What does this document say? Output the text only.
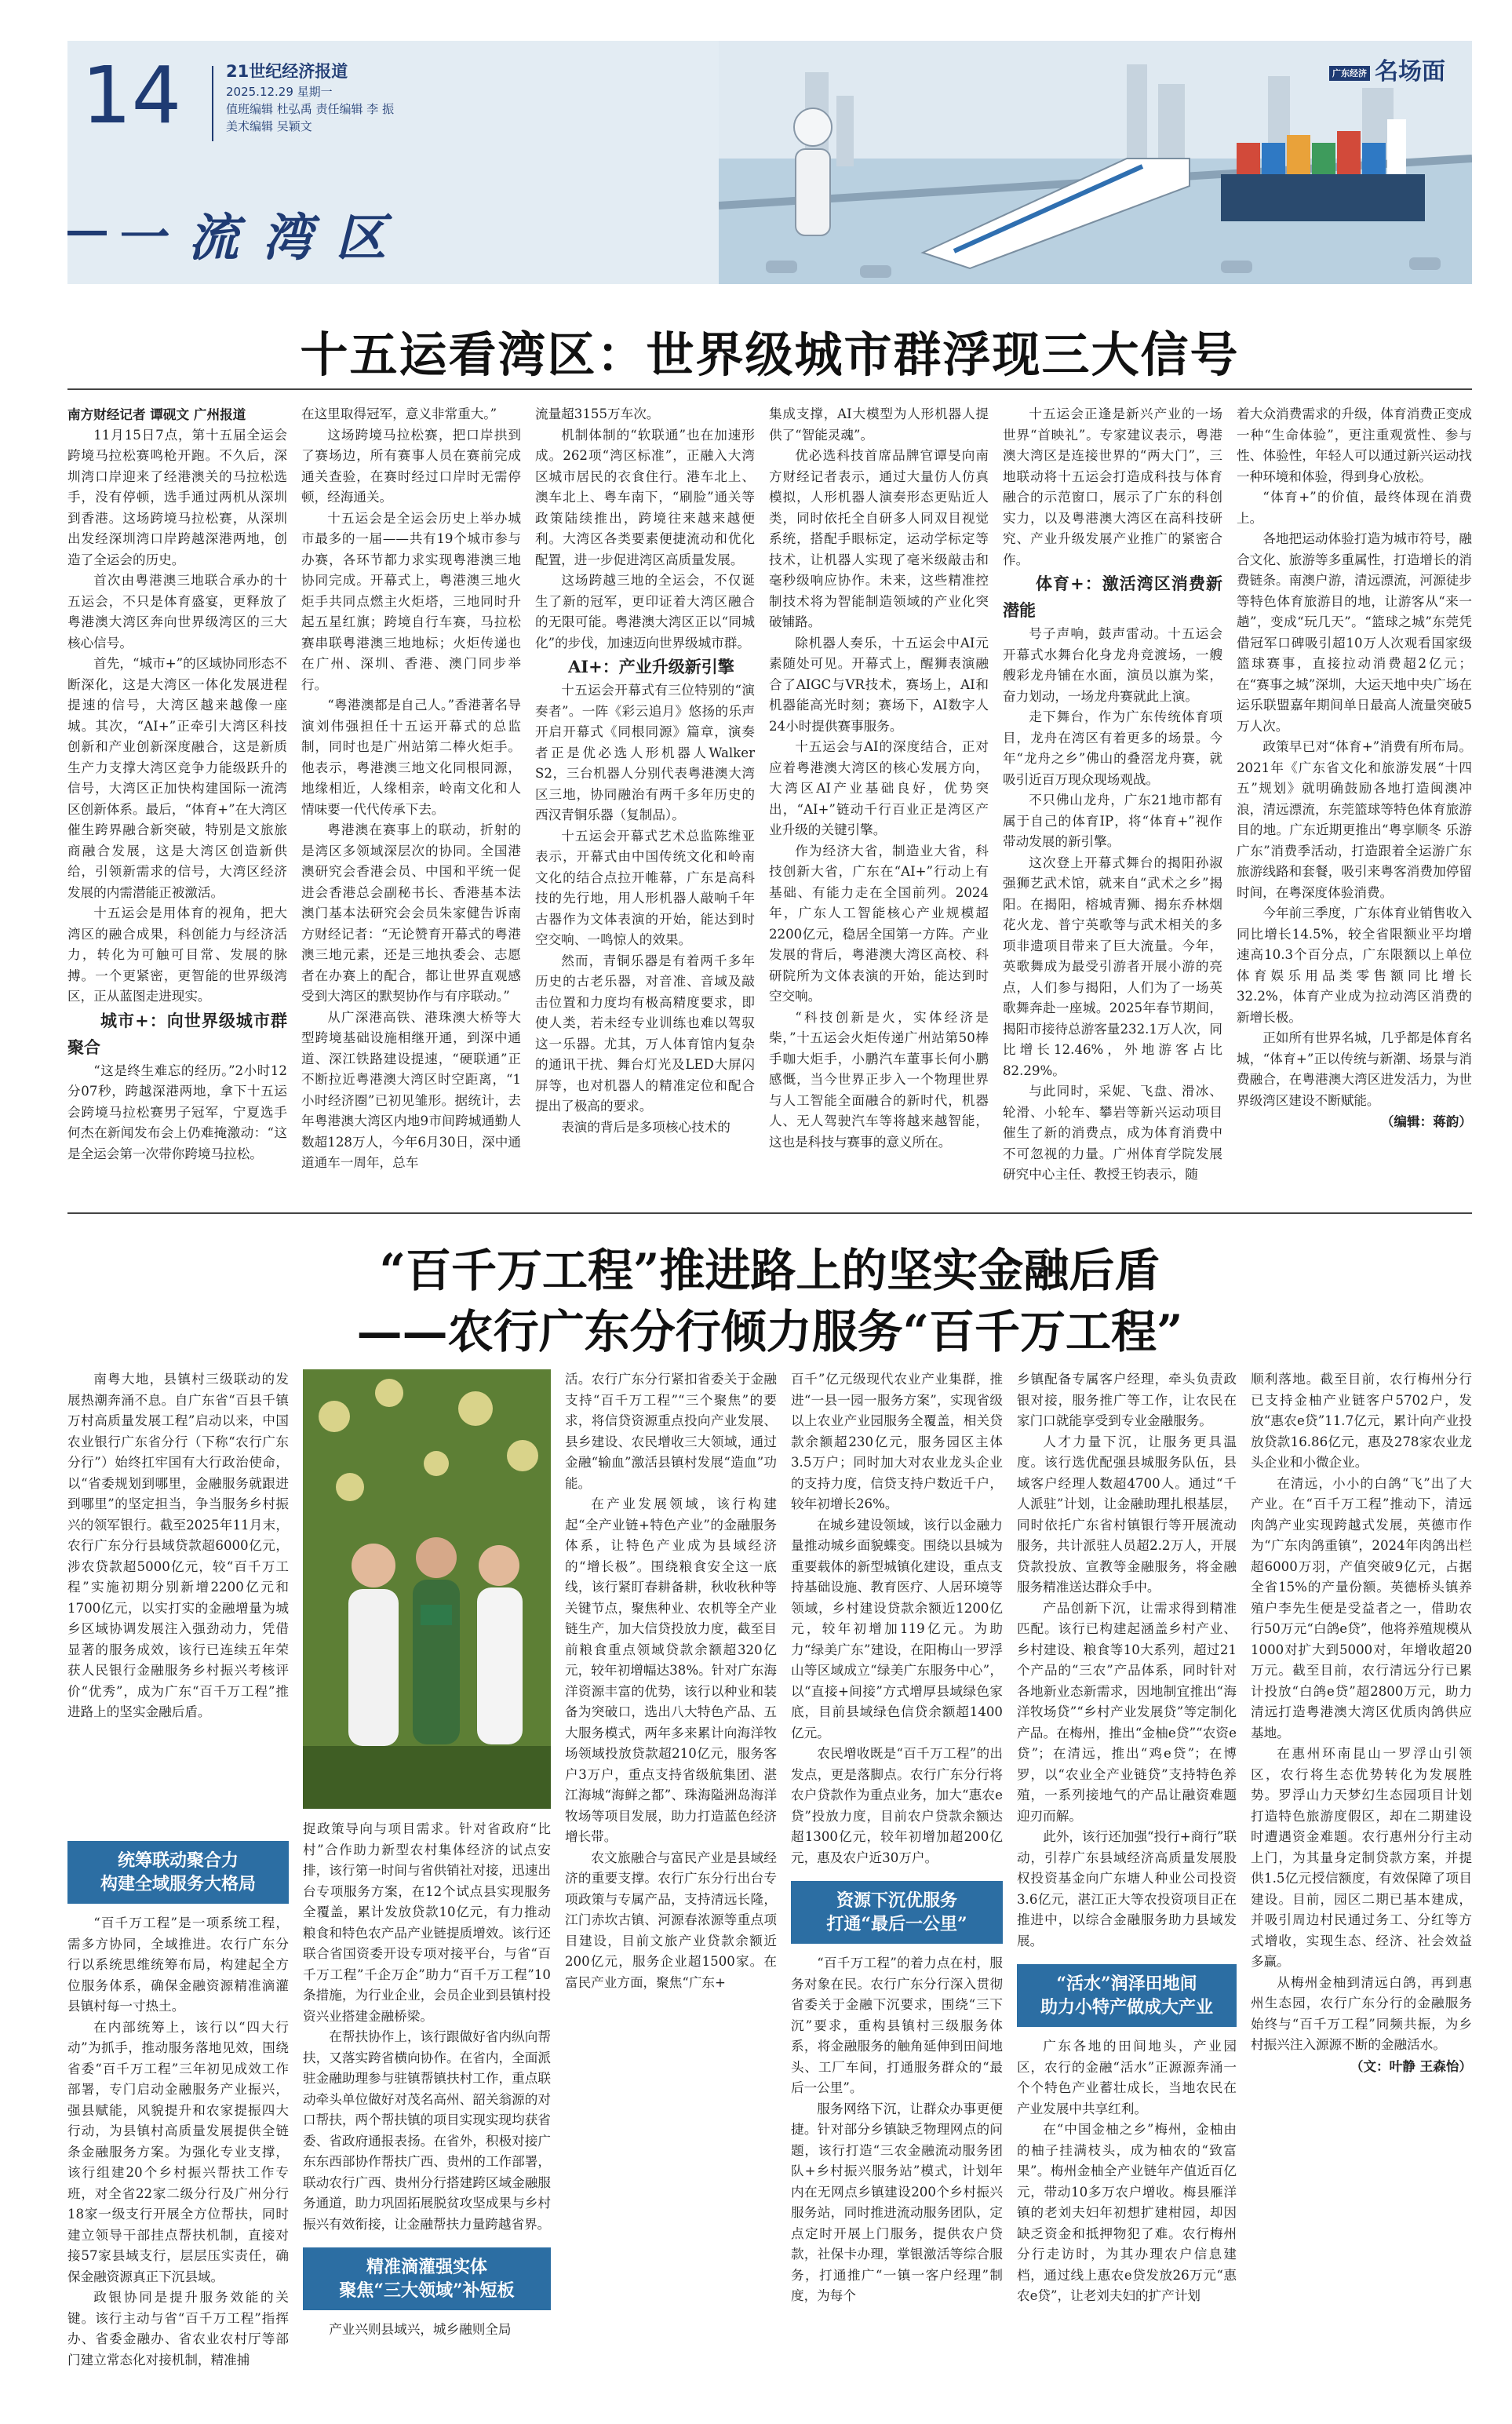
14	21世纪经济报道
2025.12.29 星期一
值班编辑 杜弘禹 责任编辑 李 振
美术编辑 吴颖文
一流湾区
广东经济 名场面
十五运看湾区：世界级城市群浮现三大信号

南方财经记者 谭砚文 广州报道

11月15日7点，第十五届全运会跨境马拉松赛鸣枪开跑。不久后，深圳湾口岸迎来了经港澳关的马拉松选手，没有停顿，选手通过两机从深圳到香港。这场跨境马拉松赛，从深圳出发经深圳湾口岸跨越深港两地，创造了全运会的历史。

首次由粤港澳三地联合承办的十五运会，不只是体育盛宴，更释放了粤港澳大湾区奔向世界级湾区的三大核心信号。

首先，“城市+”的区域协同形态不断深化，这是大湾区一体化发展进程提速的信号，大湾区越来越像一座城。其次，“AI+”正牵引大湾区科技创新和产业创新深度融合，这是新质生产力支撑大湾区竞争力能级跃升的信号，大湾区正加快构建国际一流湾区创新体系。最后，“体育+”在大湾区催生跨界融合新突破，特别是文旅旅商融合发展，这是大湾区创造新供给，引领新需求的信号，大湾区经济发展的内需潜能正被激活。

十五运会是用体育的视角，把大湾区的融合成果，科创能力与经济活力，转化为可触可目常、发展的脉搏。一个更紧密，更智能的世界级湾区，正从蓝图走进现实。

城市+：向世界级城市群聚合

“这是终生难忘的经历。”2小时12分07秒，跨越深港两地，拿下十五运会跨境马拉松赛男子冠军，宁夏选手何杰在新闻发布会上仍难掩激动：“这是全运会第一次带你跨境马拉松。

在这里取得冠军，意义非常重大。”

这场跨境马拉松赛，把口岸拱到了赛场边，所有赛事人员在赛前完成通关查验，在赛时经过口岸时无需停顿，经海通关。

十五运会是全运会历史上举办城市最多的一届——共有19个城市参与办赛，各环节都力求实现粤港澳三地协同完成。开幕式上，粤港澳三地火炬手共同点燃主火炬塔，三地同时升起五星红旗；跨境自行车赛，马拉松赛串联粤港澳三地地标；火炬传递也在广州、深圳、香港、澳门同步举行。

“粤港澳都是自己人。”香港著名导演刘伟强担任十五运开幕式的总监制，同时也是广州站第二棒火炬手。他表示，粤港澳三地文化同根同源，地缘相近，人缘相亲，岭南文化和人情味要一代代传承下去。

粤港澳在赛事上的联动，折射的是湾区多领域深层次的协同。全国港澳研究会香港会员、中国和平统一促进会香港总会副秘书长、香港基本法澳门基本法研究会会员朱家健告诉南方财经记者：“无论赞育开幕式的粤港澳三地元素，还是三地执委会、志愿者在办赛上的配合，都让世界直观感受到大湾区的默契协作与有序联动。”

从广深港高铁、港珠澳大桥等大型跨境基础设施相继开通，到深中通道、深江铁路建设提速，“硬联通”正不断拉近粤港澳大湾区时空距离，“1小时经济圈”已初见雏形。据统计，去年粤港澳大湾区内地9市间跨城通勤人数超128万人，今年6月30日，深中通道通车一周年，总车

流量超3155万车次。

机制体制的“软联通”也在加速形成。262项“湾区标准”，正融入大湾区城市居民的衣食住行。港车北上、澳车北上、粤车南下，“刷脸”通关等政策陆续推出，跨境往来越来越便利。大湾区各类要素便捷流动和优化配置，进一步促进湾区高质量发展。

这场跨越三地的全运会，不仅诞生了新的冠军，更印证着大湾区融合的无限可能。粤港澳大湾区正以“同城化”的步伐，加速迈向世界级城市群。

AI+：产业升级新引擎

十五运会开幕式有三位特别的“演奏者”。一阵《彩云追月》悠扬的乐声开启开幕式《同根同源》篇章，演奏者正是优必选人形机器人Walker S2，三台机器人分别代表粤港澳大湾区三地，协同融治有两千多年历史的西汉青铜乐器（复制品）。

十五运会开幕式艺术总监陈维亚表示，开幕式由中国传统文化和岭南文化的结合点拉开帷幕，广东是高科技的先行地，用人形机器人敲响千年古器作为文体表演的开始，能达到时空交响、一鸣惊人的效果。

然而，青铜乐器是有着两千多年历史的古老乐器，对音准、音域及敲击位置和力度均有极高精度要求，即使人类，若未经专业训练也难以驾驭这一乐器。尤其，万人体育馆内复杂的通讯干扰、舞台灯光及LED大屏闪屏等，也对机器人的精准定位和配合提出了极高的要求。

表演的背后是多项核心技术的

集成支撑，AI大模型为人形机器人提供了“智能灵魂”。

优必选科技首席品牌官谭旻向南方财经记者表示，通过大量仿人仿真模拟，人形机器人演奏形态更贴近人类，同时依托全自研多人同双目视觉系统，搭配手眼标定，运动学标定等技术，让机器人实现了毫米级敲击和毫秒级响应协作。未来，这些精准控制技术将为智能制造领域的产业化突破铺路。

除机器人奏乐，十五运会中AI元素随处可见。开幕式上，醒狮表演融合了AIGC与VR技术，赛场上，AI和机器能高光时刻；赛场下，AI数字人24小时提供赛事服务。

十五运会与AI的深度结合，正对应着粤港澳大湾区的核心发展方向，大湾区AI产业基础良好，优势突出，“AI+”链动千行百业正是湾区产业升级的关键引擎。

作为经济大省，制造业大省，科技创新大省，广东在“AI+”行动上有基础、有能力走在全国前列。2024年，广东人工智能核心产业规模超2200亿元，稳居全国第一方阵。产业发展的背后，粤港澳大湾区高校、科研院所为文体表演的开始，能达到时空交响。

“科技创新是火，实体经济是柴，”十五运会火炬传递广州站第50棒手咖大炬手，小鹏汽车董事长何小鹏感慨，当今世界正步入一个物理世界与人工智能全面融合的新时代，机器人、无人驾驶汽车等将越来越智能，这也是科技与赛事的意义所在。

十五运会正逢是新兴产业的一场世界“首映礼”。专家建议表示，粤港澳大湾区是连接世界的“两大门”，三地联动将十五运会打造成科技与体育融合的示范窗口，展示了广东的科创实力，以及粤港澳大湾区在高科技研究、产业升级发展产业推广的紧密合作。

体育+：激活湾区消费新潜能

号子声响，鼓声雷动。十五运会开幕式水舞台化身龙舟竞渡场，一艘艘彩龙舟铺在水面，演员以旗为桨，奋力划动，一场龙舟赛就此上演。

走下舞台，作为广东传统体育项目，龙舟在湾区有着更多的场景。今年“龙舟之乡”佛山的叠滘龙舟赛，就吸引近百万现众现场观战。

不只佛山龙舟，广东21地市都有属于自己的体育IP，将“体育+”视作带动发展的新引擎。

这次登上开幕式舞台的揭阳孙淑强狮艺武术馆，就来自“武术之乡”揭阳。在揭阳，榕城青狮、揭东乔林烟花火龙、普宁英歌等与武术相关的多项非遗项目带来了巨大流量。今年，英歌舞成为最受引游者开展小游的亮点，人们参与揭阳，人们为了一场英歌舞奔赴一座城。2025年春节期间，揭阳市接待总游客量232.1万人次，同比增长12.46%，外地游客占比82.29%。

与此同时，采妮、飞盘、滑冰、轮滑、小轮车、攀岩等新兴运动项目催生了新的消费点，成为体育消费中不可忽视的力量。广州体育学院发展研究中心主任、教授王钧表示，随

着大众消费需求的升级，体育消费正变成一种“生命体验”，更注重观赏性、参与性、体验性，年轻人可以通过新兴运动找一种环境和体验，得到身心放松。

“体育+”的价值，最终体现在消费上。

各地把运动体验打造为城市符号，融合文化、旅游等多重属性，打造增长的消费链条。南澳户游，清远漂流，河源徒步等特色体育旅游目的地，让游客从“来一趟”，变成“玩几天”。“篮球之城”东莞凭借冠军口碑吸引超10万人次观看国家级篮球赛事，直接拉动消费超2亿元；在“赛事之城”深圳，大运天地中央广场在运乐联盟嘉年期间单日最高人流量突破5万人次。

政策早已对“体育+”消费有所布局。2021年《广东省文化和旅游发展“十四五”规划》就明确鼓励各地打造闽澳冲浪，清远漂流，东莞篮球等特色体育旅游目的地。广东近期更推出“粤享顺冬 乐游广东”消费季活动，打造跟着全运游广东旅游线路和套餐，吸引来粤客消费加停留时间，在粤深度体验消费。

今年前三季度，广东体育业销售收入同比增长14.5%，较全省限额业平均增速高10.3个百分点，广东限额以上单位体育娱乐用品类零售额同比增长32.2%，体育产业成为拉动湾区消费的新增长极。

正如所有世界名城，几乎都是体育名城，“体育+”正以传统与新潮、场景与消费融合，在粤港澳大湾区进发活力，为世界级湾区建设不断赋能。

（编辑：蒋韵）

“百千万工程”推进路上的坚实金融后盾
——农行广东分行倾力服务“百千万工程”

南粤大地，县镇村三级联动的发展热潮奔涌不息。自广东省“百县千镇万村高质量发展工程”启动以来，中国农业银行广东省分行（下称“农行广东分行”）始终扛牢国有大行政治使命，以“省委规划到哪里，金融服务就跟进到哪里”的坚定担当，争当服务乡村振兴的领军银行。截至2025年11月末，农行广东分行县域贷款超6000亿元，涉农贷款超5000亿元，较“百千万工程”实施初期分别新增2200亿元和1700亿元，以实打实的金融增量为城乡区域协调发展注入强劲动力，凭借显著的服务成效，该行已连续五年荣获人民银行金融服务乡村振兴考核评价“优秀”，成为广东“百千万工程”推进路上的坚实金融后盾。

统筹联动聚合力
构建全域服务大格局

“百千万工程”是一项系统工程，需多方协同，全域推进。农行广东分行以系统思维统筹布局，构建起全方位服务体系，确保金融资源精准滴灌县镇村每一寸热土。

在内部统筹上，该行以“四大行动”为抓手，推动服务落地见效，围绕省委“百千万工程”三年初见成效工作部署，专门启动金融服务产业振兴，强县赋能，风貌提升和农家提振四大行动，为县镇村高质量发展提供全链条金融服务方案。为强化专业支撑，该行组建20个乡村振兴帮扶工作专班，对全省22家二级分行及广州分行18家一级支行开展全方位帮扶，同时建立领导干部挂点帮扶机制，直接对接57家县域支行，层层压实责任，确保金融资源真正下沉县域。

政银协同是提升服务效能的关键。该行主动与省“百千万工程”指挥办、省委金融办、省农业农村厅等部门建立常态化对接机制，精准捕

捉政策导向与项目需求。针对省政府“比村”合作助力新型农村集体经济的试点安排，该行第一时间与省供销社对接，迅速出台专项服务方案，在12个试点县实现服务全覆盖，累计发放贷款10亿元，有力推动粮食和特色农产品产业链提质增效。该行还联合省国资委开设专项对接平台，与省“百千万工程”千企万企”助力“百千万工程”10条措施，为行业企业，会员企业到县镇村投资兴业搭建金融桥梁。

在帮扶协作上，该行跟做好省内纵向帮扶，又落实跨省横向协作。在省内，全面派驻金融助理参与驻镇帮镇扶村工作，重点联动牵头单位做好对茂名高州、韶关翁源的对口帮扶，两个帮扶镇的项目实现实现均获省委、省政府通报表扬。在省外，积极对接广东东西部协作帮扶广西、贵州的工作部署，联动农行广西、贵州分行搭建跨区域金融服务通道，助力巩固拓展脱贫攻坚成果与乡村振兴有效衔接，让金融帮扶力量跨越省界。

精准滴灌强实体
聚焦“三大领域”补短板

产业兴则县域兴，城乡融则全局

活。农行广东分行紧扣省委关于金融支持“百千万工程”“三个聚焦”的要求，将信贷资源重点投向产业发展、县乡建设、农民增收三大领域，通过金融“输血”激活县镇村发展“造血”功能。

在产业发展领域，该行构建起“全产业链+特色产业”的金融服务体系，让特色产业成为县域经济的“增长极”。围绕粮食安全这一底线，该行紧盯春耕备耕，秋收秋种等关键节点，聚焦种业、农机等全产业链生产，加大信贷投放力度，截至目前粮食重点领域贷款余额超320亿元，较年初增幅达38%。针对广东海洋资源丰富的优势，该行以种业和装备为突破口，选出八大特色产品、五大服务模式，两年多来累计向海洋牧场领域投放贷款超210亿元，服务客户3万户，重点支持省级航集团、湛江海城“海鲜之都”、珠海隘洲岛海洋牧场等项目发展，助力打造蓝色经济增长带。

农文旅融合与富民产业是县域经济的重要支撑。农行广东分行出台专项政策与专属产品，支持清远长隆，江门赤坎古镇、河源春浓源等重点项目建设，目前文旅产业贷款余额近200亿元，服务企业超1500家。在富民产业方面，聚焦“广东+

百千”亿元级现代农业产业集群，推进“一县一园一服务方案”，实现省级以上农业产业园服务全覆盖，相关贷款余额超230亿元，服务园区主体3.5万户；同时加大对农业龙头企业的支持力度，信贷支持户数近千户，较年初增长26%。

在城乡建设领域，该行以金融力量推动城乡面貌蝶变。围绕以县城为重要载体的新型城镇化建设，重点支持基础设施、教育医疗、人居环境等领域，乡村建设贷款余额近1200亿元，较年初增加119亿元。为助力“绿美广东”建设，在阳梅山一罗浮山等区域成立“绿美广东服务中心”，以“直接+间接”方式增厚县域绿色家底，目前县域绿色信贷余额超1400亿元。

农民增收既是“百千万工程”的出发点，更是落脚点。农行广东分行将农户贷款作为重点业务，加大“惠农e贷”投放力度，目前农户贷款余额达超1300亿元，较年初增加超200亿元，惠及农户近30万户。

资源下沉优服务
打通“最后一公里”

“百千万工程”的着力点在村，服务对象在民。农行广东分行深入贯彻省委关于金融下沉要求，围绕“三下沉”要求，重构县镇村三级服务体系，将金融服务的触角延伸到田间地头、工厂车间，打通服务群众的“最后一公里”。

服务网络下沉，让群众办事更便捷。针对部分乡镇缺乏物理网点的问题，该行打造“三农金融流动服务团队+乡村振兴服务站”模式，计划年内在无网点乡镇建设200个乡村振兴服务站，同时推进流动服务团队，定点定时开展上门服务，提供农户贷款，社保卡办理，掌银激活等综合服务，打通推广“一镇一客户经理”制度，为每个

乡镇配备专属客户经理，牵头负责政银对接，服务推广等工作，让农民在家门口就能享受到专业金融服务。

人才力量下沉，让服务更具温度。该行选优配强县城服务队伍，县域客户经理人数超4700人。通过“千人派驻”计划，让金融助理扎根基层，同时依托广东省村镇银行等开展流动服务，共计派驻人员超2.2万人，开展贷款投放、宣教等金融服务，将金融服务精准送达群众手中。

产品创新下沉，让需求得到精准匹配。该行已构建起涵盖乡村产业、乡村建设、粮食等10大系列，超过21个产品的“三农”产品体系，同时针对各地新业态新需求，因地制宜推出“海洋牧场贷”“乡村产业发展贷”等定制化产品。在梅州，推出“金柚e贷”“农资e贷”；在清远，推出“鸡e贷”；在博罗，以“农业全产业链贷”支持特色养殖，一系列接地气的产品让融资难题迎刃而解。

此外，该行还加强“投行+商行”联动，引荐广东县域经济高质量发展股权投资基金向广东塘人种业公司投资3.6亿元，湛江正大等农投资项目正在推进中，以综合金融服务助力县域发展。

“活水”润泽田地间
助力小特产做成大产业

广东各地的田间地头，产业园区，农行的金融“活水”正源源奔涌一个个特色产业蓄壮成长，当地农民在产业发展中共享红利。

在“中国金柚之乡”梅州，金柚由的柚子挂满枝头，成为柚农的“致富果”。梅州金柚全产业链年产值近百亿元，带动10多万农户增收。梅县雁洋镇的老刘夫妇年初想扩建柑园，却因缺乏资金和抵押物犯了难。农行梅州分行走访时，为其办理农户信息建档，通过线上惠农e贷发放26万元“惠农e贷”，让老刘夫妇的扩产计划

顺利落地。截至目前，农行梅州分行已支持金柚产业链客户5702户，发放“惠农e贷”11.7亿元，累计向产业投放贷款16.86亿元，惠及278家农业龙头企业和小微企业。

在清远，小小的白鸽“飞”出了大产业。在“百千万工程”推动下，清远肉鸽产业实现跨越式发展，英德市作为“广东肉鸽重镇”，2024年肉鸽出栏超6000万羽，产值突破9亿元，占据全省15%的产量份额。英德桥头镇养殖户李先生便是受益者之一，借助农行50万元“白鸽e贷”，他将养殖规模从1000对扩大到5000对，年增收超20万元。截至目前，农行清远分行已累计投放“白鸽e贷”超2800万元，助力清远打造粤港澳大湾区优质肉鸽供应基地。

在惠州环南昆山一罗浮山引领区，农行将生态优势转化为发展胜势。罗浮山力天梦幻生态园项目计划打造特色旅游度假区，却在二期建设时遭遇资金难题。农行惠州分行主动上门，为其量身定制贷款方案，并提供1.5亿元授信额度，有效保障了项目建设。目前，园区二期已基本建成，并吸引周边村民通过务工、分红等方式增收，实现生态、经济、社会效益多赢。

从梅州金柚到清远白鸽，再到惠州生态园，农行广东分行的金融服务始终与“百千万工程”同频共振，为乡村振兴注入源源不断的金融活水。

（文：叶静 王森怡）
